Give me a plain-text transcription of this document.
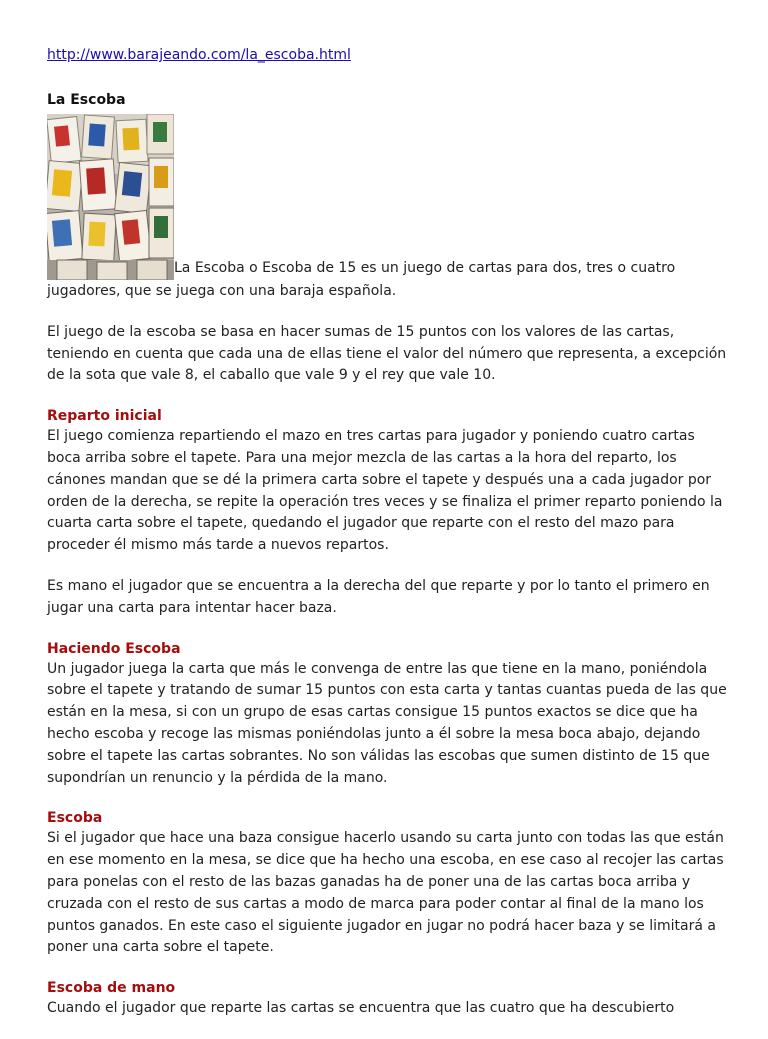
http://www.barajeando.com/la_escoba.html
La Escoba
La Escoba o Escoba de 15 es un juego de cartas para dos, tres o cuatro jugadores, que se juega con una baraja española.

El juego de la escoba se basa en hacer sumas de 15 puntos con los valores de las cartas, teniendo en cuenta que cada una de ellas tiene el valor del número que representa, a excepción de la sota que vale 8, el caballo que vale 9 y el rey que vale 10.

Reparto inicial

El juego comienza repartiendo el mazo en tres cartas para jugador y poniendo cuatro cartas boca arriba sobre el tapete. Para una mejor mezcla de las cartas a la hora del reparto, los cánones mandan que se dé la primera carta sobre el tapete y después una a cada jugador por orden de la derecha, se repite la operación tres veces y se finaliza el primer reparto poniendo la cuarta carta sobre el tapete, quedando el jugador que reparte con el resto del mazo para proceder él mismo más tarde a nuevos repartos.

Es mano el jugador que se encuentra a la derecha del que reparte y por lo tanto el primero en jugar una carta para intentar hacer baza.

Haciendo Escoba

Un jugador juega la carta que más le convenga de entre las que tiene en la mano, poniéndola sobre el tapete y tratando de sumar 15 puntos con esta carta y tantas cuantas pueda de las que están en la mesa, si con un grupo de esas cartas consigue 15 puntos exactos se dice que ha hecho escoba y recoge las mismas poniéndolas junto a él sobre la mesa boca abajo, dejando sobre el tapete las cartas sobrantes. No son válidas las escobas que sumen distinto de 15 que supondrían un renuncio y la pérdida de la mano.

Escoba

Si el jugador que hace una baza consigue hacerlo usando su carta junto con todas las que están en ese momento en la mesa, se dice que ha hecho una escoba, en ese caso al recojer las cartas para ponelas con el resto de las bazas ganadas ha de poner una de las cartas boca arriba y cruzada con el resto de sus cartas a modo de marca para poder contar al final de la mano los puntos ganados. En este caso el siguiente jugador en jugar no podrá hacer baza y se limitará a poner una carta sobre el tapete.

Escoba de mano

Cuando el jugador que reparte las cartas se encuentra que las cuatro que ha descubierto
